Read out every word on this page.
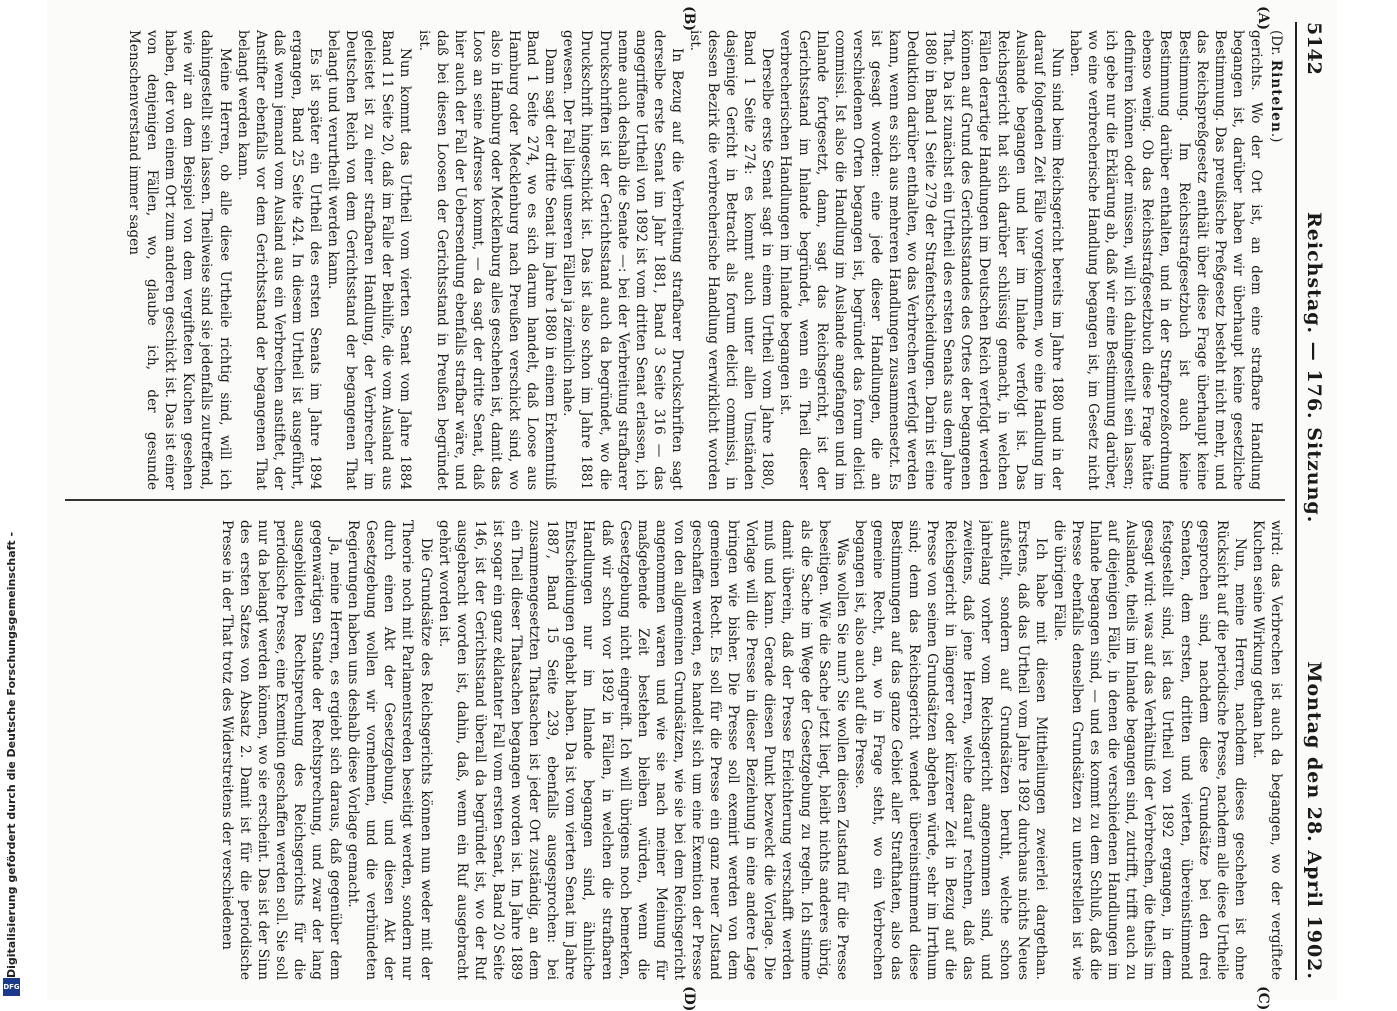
5142
Reichstag. — 176. Sitzung.
Montag den 28. April 1902.
(A)
(B)
(C)
(D)
(Dr. Rintelen.)

gerichts. Wo der Ort ist, an dem eine strafbare Handlung begangen ist, darüber haben wir überhaupt keine gesetzliche Bestimmung. Das preußische Preßgesetz besteht nicht mehr, und das Reichspreßgesetz enthält über diese Frage überhaupt keine Bestimmung. Im Reichsstrafgesetzbuch ist auch keine Bestimmung darüber enthalten, und in der Strafprozeßordnung ebenso wenig. Ob das Reichsstrafgesetzbuch diese Frage hätte definiren können oder müssen, will ich dahingestellt sein lassen; ich gebe nur die Erklärung ab, daß wir eine Bestimmung darüber, wo eine verbrecherische Handlung begangen ist, im Gesetz nicht haben.

Nun sind beim Reichsgericht bereits im Jahre 1880 und in der darauf folgenden Zeit Fälle vorgekommen, wo eine Handlung im Auslande begangen und hier im Inlande verfolgt ist. Das Reichsgericht hat sich darüber schlüssig gemacht, in welchen Fällen derartige Handlungen im Deutschen Reich verfolgt werden können auf Grund des Gerichtsstandes des Ortes der begangenen That. Da ist zunächst ein Urtheil des ersten Senats aus dem Jahre 1880 in Band 1 Seite 279 der Strafentscheidungen. Darin ist eine Deduktion darüber enthalten, wo das Verbrechen verfolgt werden kann, wenn es sich aus mehreren Handlungen zusammensetzt. Es ist gesagt worden: eine jede dieser Handlungen, die an verschiedenen Orten begangen ist, begründet das forum delicti commissi. Ist also die Handlung im Auslande angefangen und im Inlande fortgesetzt, dann, sagt das Reichsgericht, ist der Gerichtsstand im Inlande begründet, wenn ein Theil dieser verbrecherischen Handlungen im Inlande begangen ist.

Derselbe erste Senat sagt in einem Urtheil vom Jahre 1880, Band 1 Seite 274: es kommt auch unter allen Umständen dasjenige Gericht in Betracht als forum delicti commissi, in dessen Bezirk die verbrecherische Handlung verwirklicht worden ist.

In Bezug auf die Verbreitung strafbarer Druckschriften sagt derselbe erste Senat im Jahr 1881, Band 3 Seite 316 — das angegriffene Urtheil von 1892 ist vom dritten Senat erlassen, ich nenne auch deshalb die Senate —: bei der Verbreitung strafbarer Druckschriften ist der Gerichtsstand auch da begründet, wo die Druckschrift hingeschickt ist. Das ist also schon im Jahre 1881 gewesen. Der Fall liegt unseren Fällen ja ziemlich nahe.

Dann sagt der dritte Senat im Jahre 1880 in einem Erkenntniß Band 1 Seite 274, wo es sich darum handelt, daß Loose aus Hamburg oder Mecklenburg nach Preußen verschickt sind, wo also in Hamburg oder Mecklenburg alles geschehen ist, damit das Loos an seine Adresse kommt, — da sagt der dritte Senat, daß hier auch der Fall der Uebersendung ebenfalls strafbar wäre, und daß bei diesen Loosen der Gerichtsstand in Preußen begründet ist.

Nun kommt das Urtheil vom vierten Senat vom Jahre 1884 Band 11 Seite 20, daß im Falle der Beihilfe, die vom Ausland aus geleistet ist zu einer strafbaren Handlung, der Verbrecher im Deutschen Reich von dem Gerichtsstand der begangenen That belangt und verurtheilt werden kann.

Es ist später ein Urtheil des ersten Senats im Jahre 1894 ergangen, Band 25 Seite 424. In diesem Urtheil ist ausgeführt, daß wenn jemand vom Ausland aus ein Verbrechen anstiftet, der Anstifter ebenfalls vor dem Gerichtsstand der begangenen That belangt werden kann.

Meine Herren, ob alle diese Urtheile richtig sind, will ich dahingestellt sein lassen. Theilweise sind sie jedenfalls zutreffend, wie wir an dem Beispiel von dem vergifteten Kuchen gesehen haben, der von einem Ort zum anderen geschickt ist. Das ist einer von denjenigen Fällen, wo, glaube ich, der gesunde Menschenverstand immer sagen

wird: das Verbrechen ist auch da begangen, wo der vergiftete Kuchen seine Wirkung gethan hat.

Nun, meine Herren, nachdem dieses geschehen ist ohne Rücksicht auf die periodische Presse, nachdem alle diese Urtheile gesprochen sind, nachdem diese Grundsätze bei den drei Senaten, dem ersten, dritten und vierten, übereinstimmend festgestellt sind, ist das Urtheil von 1892 ergangen, in dem gesagt wird: was auf das Verhältniß der Verbrechen, die theils im Auslande, theils im Inlande begangen sind, zutrifft, trifft auch zu auf diejenigen Fälle, in denen die verschiedenen Handlungen im Inlande begangen sind, — und es kommt zu dem Schluß, daß die Presse ebenfalls denselben Grundsätzen zu unterstellen ist wie die übrigen Fälle.

Ich habe mit diesen Mittheilungen zweierlei dargethan. Erstens, daß das Urtheil vom Jahre 1892 durchaus nichts Neues aufstellt, sondern auf Grundsätzen beruht, welche schon jahrelang vorher vom Reichsgericht angenommen sind, und zweitens, daß jene Herren, welche darauf rechnen, daß das Reichsgericht in längerer oder kürzerer Zeit in Bezug auf die Presse von seinen Grundsätzen abgehen würde, sehr im Irrthum sind; denn das Reichsgericht wendet übereinstimmend diese Bestimmungen auf das ganze Gebiet aller Strafthaten, also das gemeine Recht, an, wo in Frage steht, wo ein Verbrechen begangen ist, also auch auf die Presse.

Was wollen Sie nun? Sie wollen diesen Zustand für die Presse beseitigen. Wie die Sache jetzt liegt, bleibt nichts anderes übrig, als die Sache im Wege der Gesetzgebung zu regeln. Ich stimme damit überein, daß der Presse Erleichterung verschafft werden muß und kann. Gerade diesen Punkt bezweckt die Vorlage. Die Vorlage will die Presse in dieser Beziehung in eine andere Lage bringen wie bisher. Die Presse soll exemirt werden von dem gemeinen Recht. Es soll für die Presse ein ganz neuer Zustand geschaffen werden, es handelt sich um eine Exemtion der Presse von den allgemeinen Grundsätzen, wie sie bei dem Reichsgericht angenommen waren und wie sie nach meiner Meinung für maßgebende Zeit bestehen bleiben würden, wenn die Gesetzgebung nicht eingreift. Ich will übrigens noch bemerken, daß wir schon vor 1892 in Fällen, in welchen die strafbaren Handlungen nur im Inlande begangen sind, ähnliche Entscheidungen gehabt haben. Da ist vom vierten Senat im Jahre 1887, Band 15 Seite 239, ebenfalls ausgesprochen: bei zusammengesetzten Thatsachen ist jeder Ort zuständig, an dem ein Theil dieser Thatsachen begangen worden ist. Im Jahre 1889 ist sogar ein ganz eklatanter Fall vom ersten Senat, Band 20 Seite 146, ist der Gerichtsstand überall da begründet ist, wo der Ruf ausgebracht worden ist, dahin, daß, wenn ein Ruf ausgebracht gehört worden ist.

Die Grundsätze des Reichsgerichts können nun weder mit der Theorie noch mit Parlamentsreden beseitigt werden, sondern nur durch einen Akt der Gesetzgebung, und diesen Akt der Gesetzgebung wollen wir vornehmen, und die verbündeten Regierungen haben uns deshalb diese Vorlage gemacht.

Ja, meine Herren, es ergiebt sich daraus, daß gegenüber dem gegenwärtigen Stande der Rechtsprechung, und zwar der lang ausgebildeten Rechtsprechung des Reichsgerichts für die periodische Presse, eine Exemtion geschaffen werden soll. Sie soll nur da belangt werden können, wo sie erscheint. Das ist der Sinn des ersten Satzes von Absatz 2. Damit ist für die periodische Presse in der That trotz des Widerstreitens der verschiedenen

Digitalisierung gefördert durch die Deutsche Forschungsgemeinschaft -
DFG
